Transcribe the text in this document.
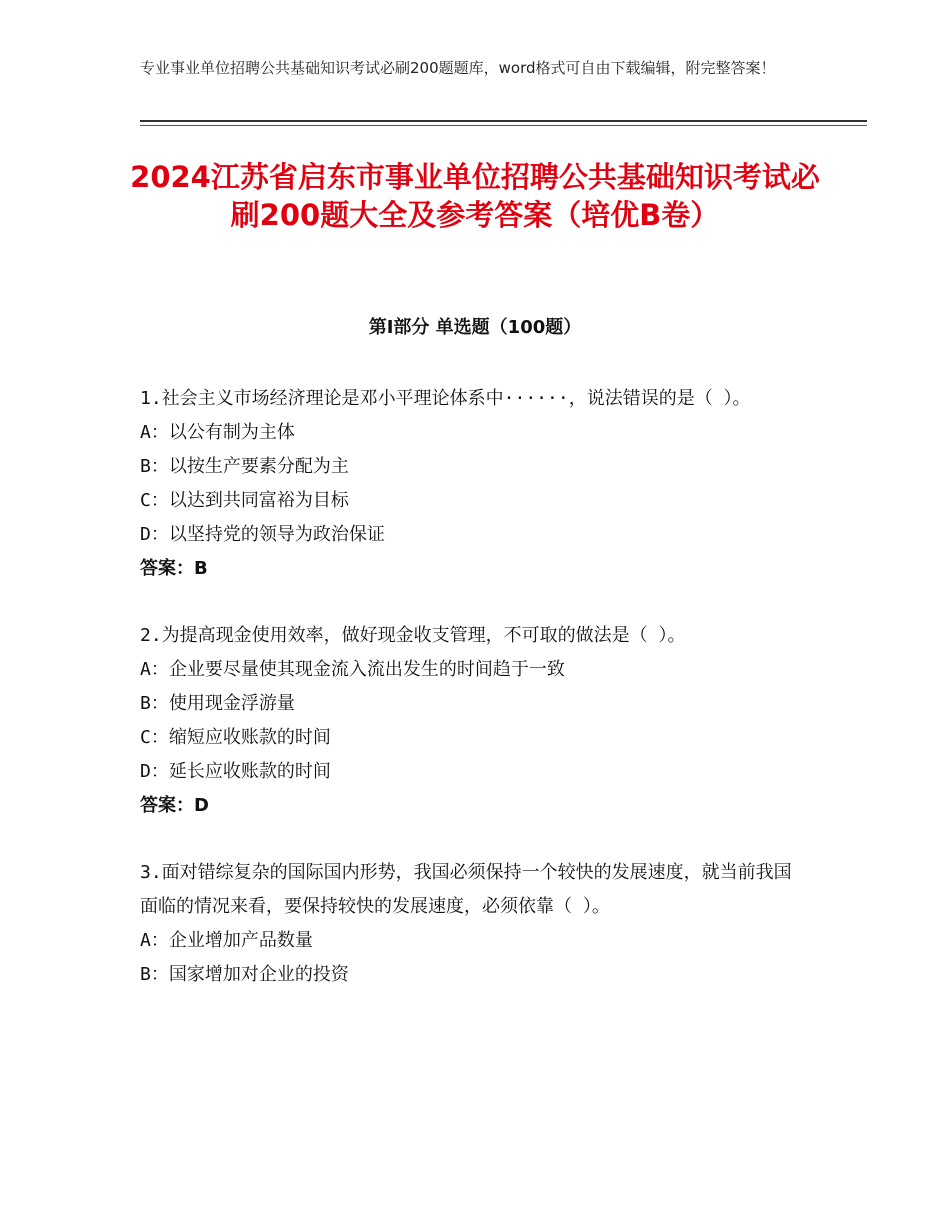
专业事业单位招聘公共基础知识考试必刷200题题库，word格式可自由下载编辑，附完整答案！
2024江苏省启东市事业单位招聘公共基础知识考试必刷200题大全及参考答案（培优B卷）
第Ⅰ部分 单选题（100题）

1.社会主义市场经济理论是邓小平理论体系中······，说法错误的是（ ）。

A：以公有制为主体

B：以按生产要素分配为主

C：以达到共同富裕为目标

D：以坚持党的领导为政治保证

答案：B

2.为提高现金使用效率，做好现金收支管理，不可取的做法是（ ）。

A：企业要尽量使其现金流入流出发生的时间趋于一致

B：使用现金浮游量

C：缩短应收账款的时间

D：延长应收账款的时间

答案：D

3.面对错综复杂的国际国内形势，我国必须保持一个较快的发展速度，就当前我国面临的情况来看，要保持较快的发展速度，必须依靠（ ）。

A：企业增加产品数量

B：国家增加对企业的投资
